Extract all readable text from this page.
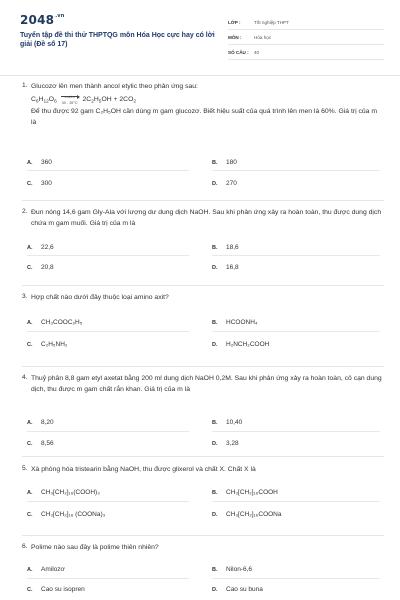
$2048^{.vn}$
Tuyển tập đề thi thử THPTQG môn Hóa Học cực hay có lời giải (Đề số 17)
LỚP :	Tốt nghiệp THPT
MÔN :	Hóa học
SỐ CÂU :	40
1. Glucozơ lên men thành ancol etylic theo phản ứng sau:
$C_6H_{12}O_6$	30 - 35°C $2C_2H_5OH + 2CO_2$
Để thu được 92 gam C₂H₅OH cần dùng m gam glucozơ. Biết hiệu suất của quá trình lên men là 60%. Giá trị của m là
A. 360	B. 180
C. 300	D. 270
2. Đun nóng 14,6 gam Gly-Ala với lượng dư dung dịch NaOH. Sau khi phản ứng xảy ra hoàn toàn, thu được dung dịch chứa m gam muối. Giá trị của m là
A. 22,6	B. 18,6
C. 20,8	D. 16,8
3. Hợp chất nào dưới đây thuộc loại amino axit?
A. CH₃COOC₂H₅	B. HCOONH₄
C. C₂H₅NH₂	D. H₂NCH₂COOH
4. Thuỷ phân 8,8 gam etyl axetat bằng 200 ml dung dịch NaOH 0,2M. Sau khi phản ứng xảy ra hoàn toàn, cô cạn dung dịch, thu được m gam chất rắn khan. Giá trị của m là
A. 8,20	B. 10,40
C. 8,56	D. 3,28
5. Xà phòng hóa tristearin bằng NaOH, thu được glixerol và chất X. Chất X là
A. CH₃[CH₂]₁₆(COOH)₃	B. CH₃[CH₂]₁₆COOH
C. CH₃[CH₂]₁₆ (COONa)₃	D. CH₃[CH₂]₁₆COONa
6. Polime nào sau đây là polime thiên nhiên?
A. Amilozơ	B. Nilon-6,6
C. Cao su isopren	D. Cao su buna
